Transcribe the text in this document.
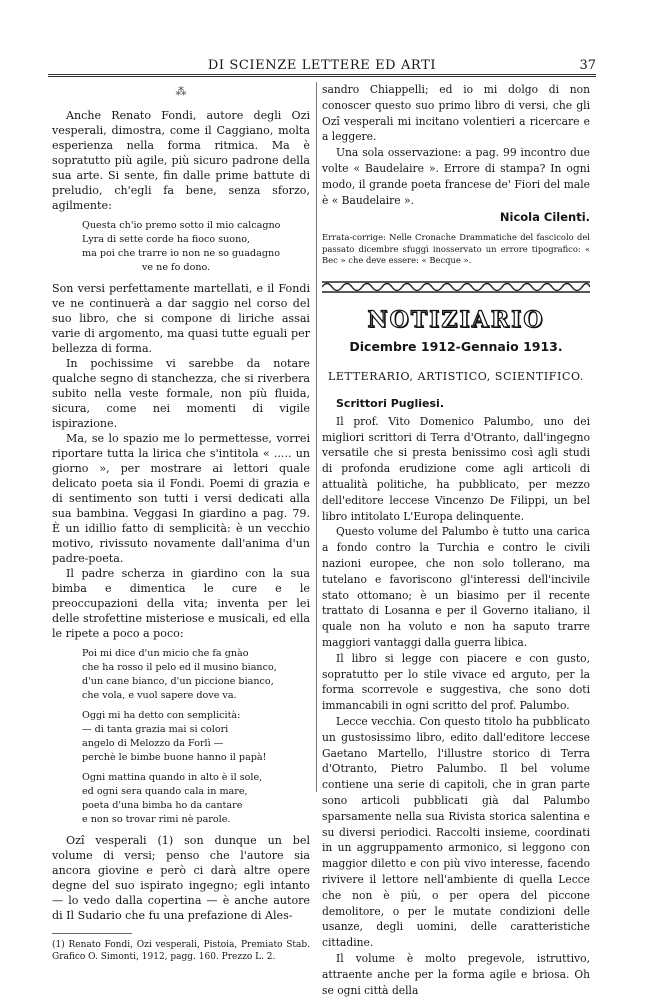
DI SCIENZE LETTERE ED ARTI	37
⁂

Anche Renato Fondi, autore degli Ozi vesperali, dimostra, come il Caggiano, molta esperienza nella forma ritmica. Ma è sopratutto più agile, più sicuro padrone della sua arte. Si sente, fin dalle prime battute di preludio, ch'egli fa bene, senza sforzo, agilmente:

Questa ch'io premo sotto il mio calcagno
Lyra di sette corde ha fioco suono,
ma poi che trarre io non ne so guadagno
ve ne fo dono.

Son versi perfettamente martellati, e il Fondi ve ne continuerà a dar saggio nel corso del suo libro, che si compone di liriche assai varie di argomento, ma quasi tutte eguali per bellezza di forma.

In pochissime vi sarebbe da notare qualche segno di stanchezza, che si riverbera subito nella veste formale, non più fluida, sicura, come nei momenti di vigile ispirazione.

Ma, se lo spazio me lo permettesse, vorrei riportare tutta la lirica che s'intitola « ..... un giorno », per mostrare ai lettori quale delicato poeta sia il Fondi. Poemi di grazia e di sentimento son tutti i versi dedicati alla sua bambina. Veggasi In giardino a pag. 79. È un idillio fatto di semplicità: è un vecchio motivo, rivissuto novamente dall'anima d'un padre-poeta.

Il padre scherza in giardino con la sua bimba e dimentica le cure e le preoccupazioni della vita; inventa per lei delle strofettine misteriose e musicali, ed ella le ripete a poco a poco:

Poi mi dice d'un micio che fa gnào
che ha rosso il pelo ed il musino bianco,
d'un cane bianco, d'un piccione bianco,
che vola, e vuol sapere dove va.
Oggi mi ha detto con semplicità:
— di tanta grazia mai si colori
angelo di Melozzo da Forlì —
perchè le bimbe buone hanno il papà!
Ogni mattina quando in alto è il sole,
ed ogni sera quando cala in mare,
poeta d'una bimba ho da cantare
e non so trovar rimi nè parole.

Ozî vesperali (1) son dunque un bel volume di versi; penso che l'autore sia ancora giovine e però ci darà altre opere degne del suo ispirato ingegno; egli intanto — lo vedo dalla copertina — è anche autore di Il Sudario che fu una prefazione di Ales-

(1) Renato Fondi, Ozi vesperali, Pistoia, Premiato Stab. Grafico O. Simonti, 1912, pagg. 160. Prezzo L. 2.

sandro Chiappelli; ed io mi dolgo di non conoscer questo suo primo libro di versi, che gli Ozî vesperali mi incitano volentieri a ricercare e a leggere.

Una sola osservazione: a pag. 99 incontro due volte « Baudelaire ». Errore di stampa? In ogni modo, il grande poeta francese de' Fiori del male è « Baudelaire ».

Nicola Cilenti.

Errata-corrige: Nelle Cronache Drammatiche del fascicolo del passato dicembre sfuggì inosservato un errore tipografico: « Bec » che deve essere: « Becque ».

NOTIZIARIO
Dicembre 1912-Gennaio 1913.
LETTERARIO, ARTISTICO, SCIENTIFICO.
Scrittori Pugliesi.

Il prof. Vito Domenico Palumbo, uno dei migliori scrittori di Terra d'Otranto, dall'ingegno versatile che si presta benissimo così agli studi di profonda erudizione come agli articoli di attualità politiche, ha pubblicato, per mezzo dell'editore leccese Vincenzo De Filippi, un bel libro intitolato L'Europa delinquente.

Questo volume del Palumbo è tutto una carica a fondo contro la Turchia e contro le civili nazioni europee, che non solo tollerano, ma tutelano e favoriscono gl'interessi dell'incivile stato ottomano; è un biasimo per il recente trattato di Losanna e per il Governo italiano, il quale non ha voluto e non ha saputo trarre maggiori vantaggi dalla guerra libica.

Il libro si legge con piacere e con gusto, sopratutto per lo stile vivace ed arguto, per la forma scorrevole e suggestiva, che sono doti immancabili in ogni scritto del prof. Palumbo.

Lecce vecchia. Con questo titolo ha pubblicato un gustosissimo libro, edito dall'editore leccese Gaetano Martello, l'illustre storico di Terra d'Otranto, Pietro Palumbo. Il bel volume contiene una serie di capitoli, che in gran parte sono articoli pubblicati già dal Palumbo sparsamente nella sua Rivista storica salentina e su diversi periodici. Raccolti insieme, coordinati in un aggruppamento armonico, si leggono con maggior diletto e con più vivo interesse, facendo rivivere il lettore nell'ambiente di quella Lecce che non è più, o per opera del piccone demolitore, o per le mutate condizioni delle usanze, degli uomini, delle caratteristiche cittadine.

Il volume è molto pregevole, istruttivo, attraente anche per la forma agile e briosa. Oh se ogni città della
